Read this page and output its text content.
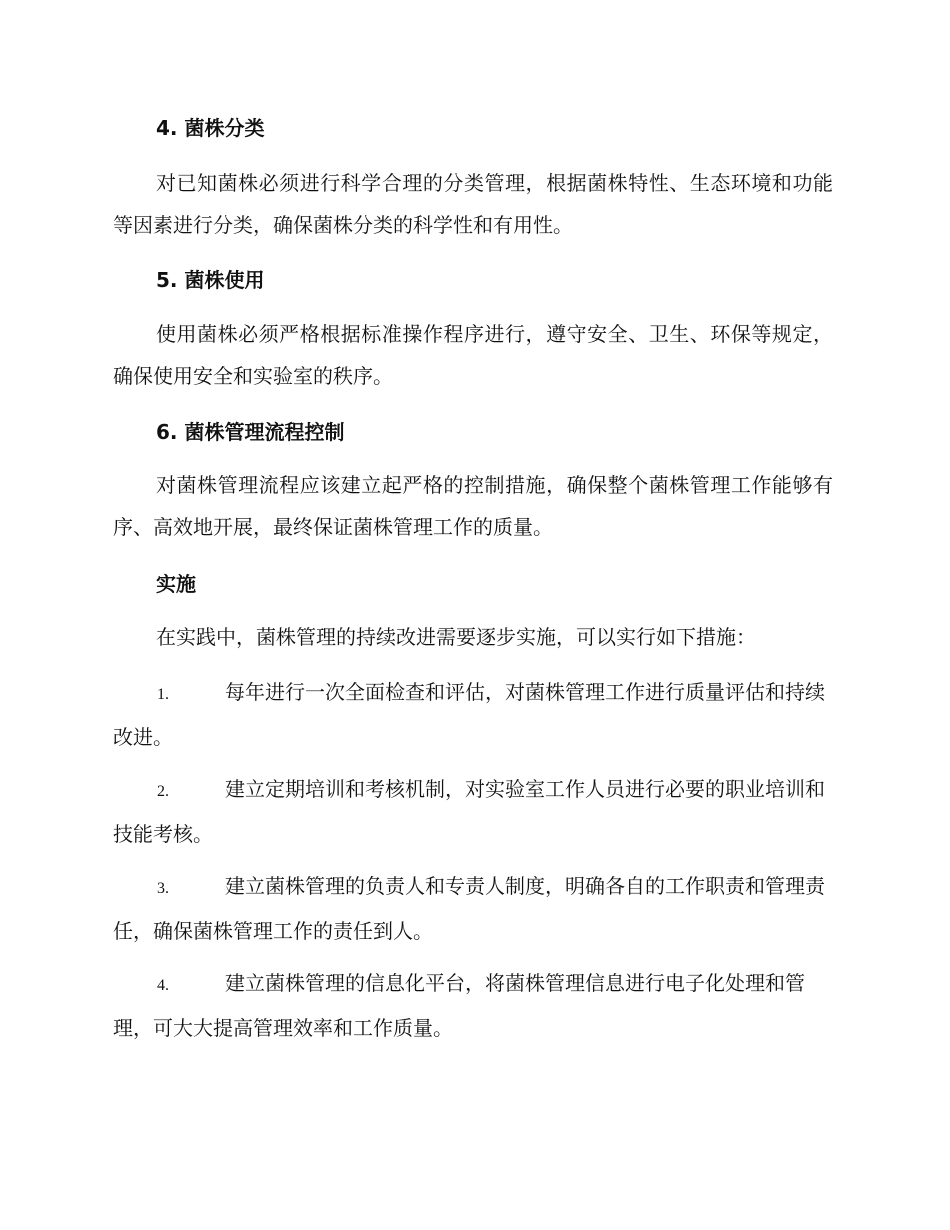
4. 菌株分类
对已知菌株必须进行科学合理的分类管理，根据菌株特性、生态环境和功能等因素进行分类，确保菌株分类的科学性和有用性。
5. 菌株使用
使用菌株必须严格根据标准操作程序进行，遵守安全、卫生、环保等规定，确保使用安全和实验室的秩序。
6. 菌株管理流程控制
对菌株管理流程应该建立起严格的控制措施，确保整个菌株管理工作能够有序、高效地开展，最终保证菌株管理工作的质量。
实施
在实践中，菌株管理的持续改进需要逐步实施，可以实行如下措施：
1.	每年进行一次全面检查和评估，对菌株管理工作进行质量评估和持续改进。
2.	建立定期培训和考核机制，对实验室工作人员进行必要的职业培训和技能考核。
3.	建立菌株管理的负责人和专责人制度，明确各自的工作职责和管理责任，确保菌株管理工作的责任到人。
4.	建立菌株管理的信息化平台，将菌株管理信息进行电子化处理和管理，可大大提高管理效率和工作质量。
